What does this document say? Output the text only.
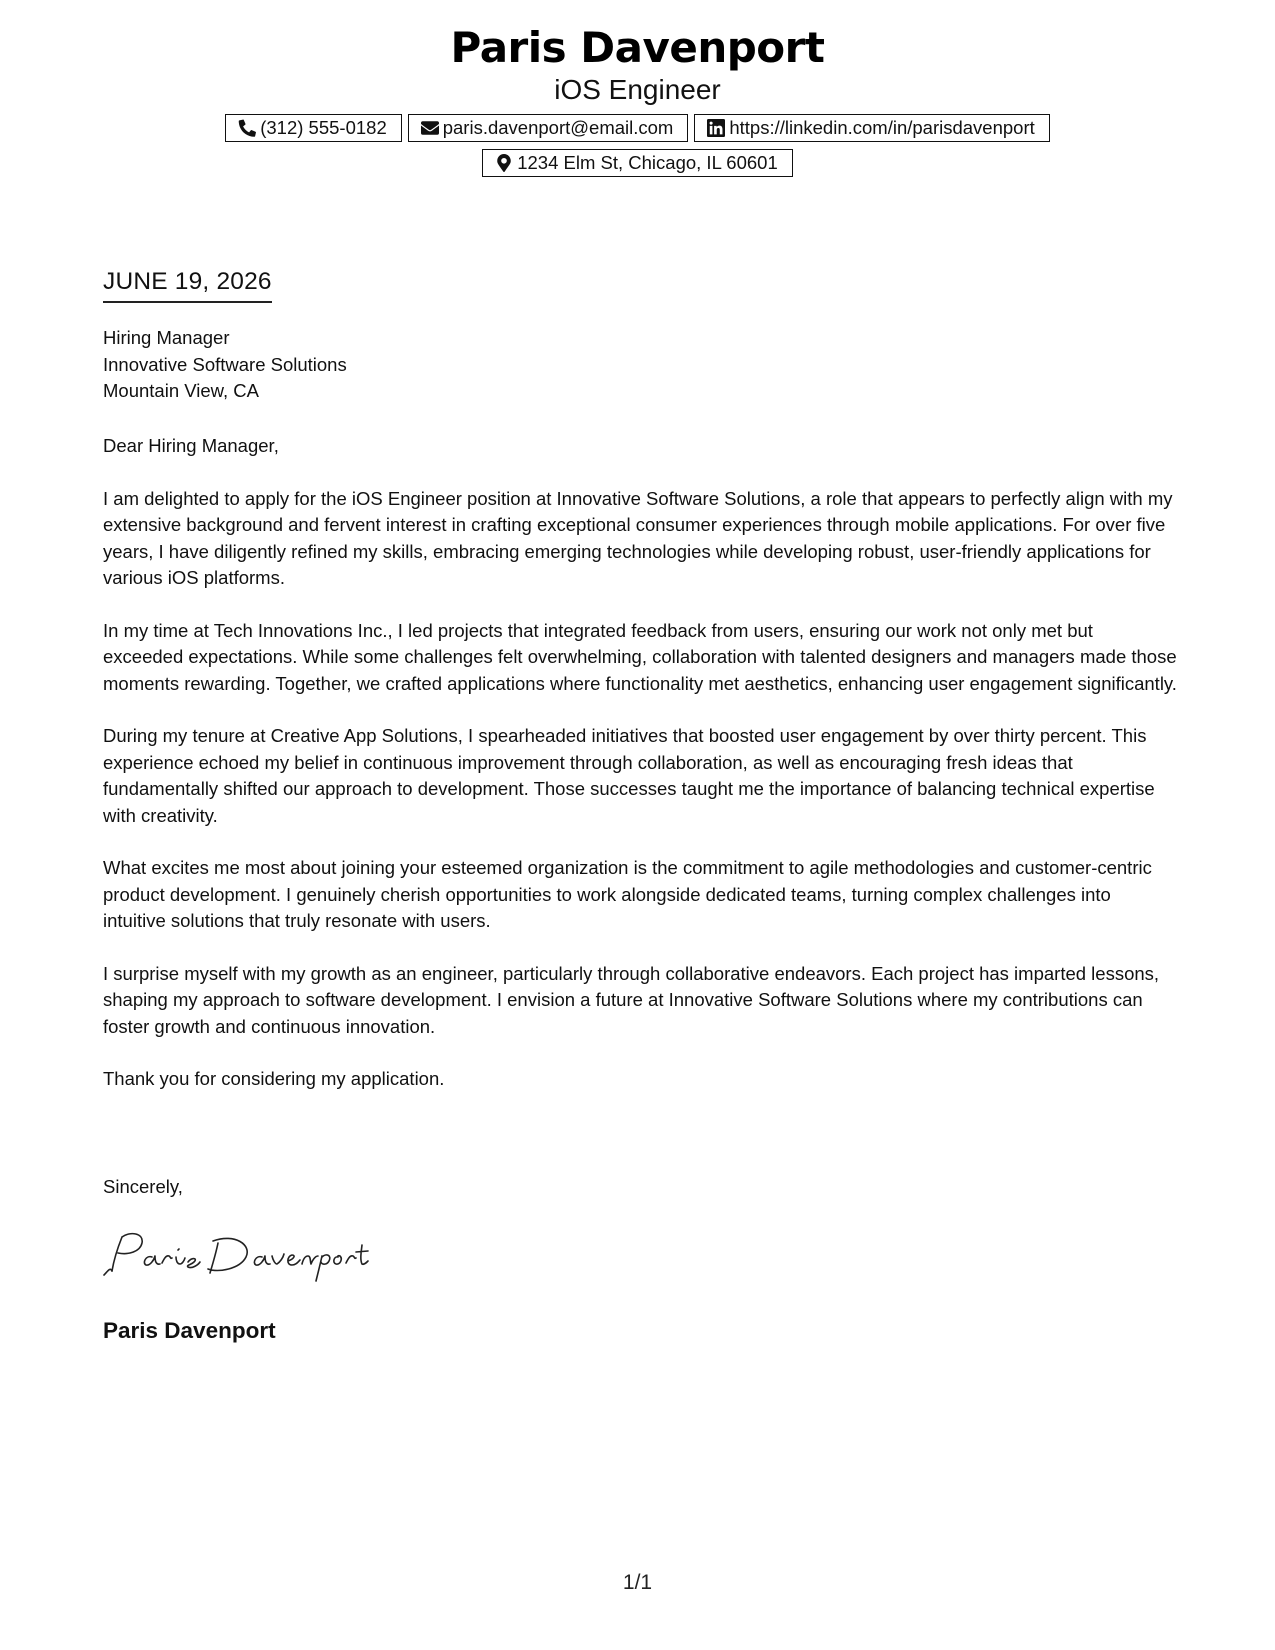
Paris Davenport
iOS Engineer
(312) 555-0182	paris.davenport@email.com	https://linkedin.com/in/parisdavenport
1234 Elm St, Chicago, IL 60601
JUNE 19, 2026
Hiring Manager
Innovative Software Solutions
Mountain View, CA

Dear Hiring Manager,

I am delighted to apply for the iOS Engineer position at Innovative Software Solutions, a role that appears to perfectly align with my extensive background and fervent interest in crafting exceptional consumer experiences through mobile applications. For over five years, I have diligently refined my skills, embracing emerging technologies while developing robust, user-friendly applications for various iOS platforms.

In my time at Tech Innovations Inc., I led projects that integrated feedback from users, ensuring our work not only met but exceeded expectations. While some challenges felt overwhelming, collaboration with talented designers and managers made those moments rewarding. Together, we crafted applications where functionality met aesthetics, enhancing user engagement significantly.

During my tenure at Creative App Solutions, I spearheaded initiatives that boosted user engagement by over thirty percent. This experience echoed my belief in continuous improvement through collaboration, as well as encouraging fresh ideas that fundamentally shifted our approach to development. Those successes taught me the importance of balancing technical expertise with creativity.

What excites me most about joining your esteemed organization is the commitment to agile methodologies and customer-centric product development. I genuinely cherish opportunities to work alongside dedicated teams, turning complex challenges into intuitive solutions that truly resonate with users.

I surprise myself with my growth as an engineer, particularly through collaborative endeavors. Each project has imparted lessons, shaping my approach to software development. I envision a future at Innovative Software Solutions where my contributions can foster growth and continuous innovation.

Thank you for considering my application.

Sincerely,
Paris Davenport
1/1
